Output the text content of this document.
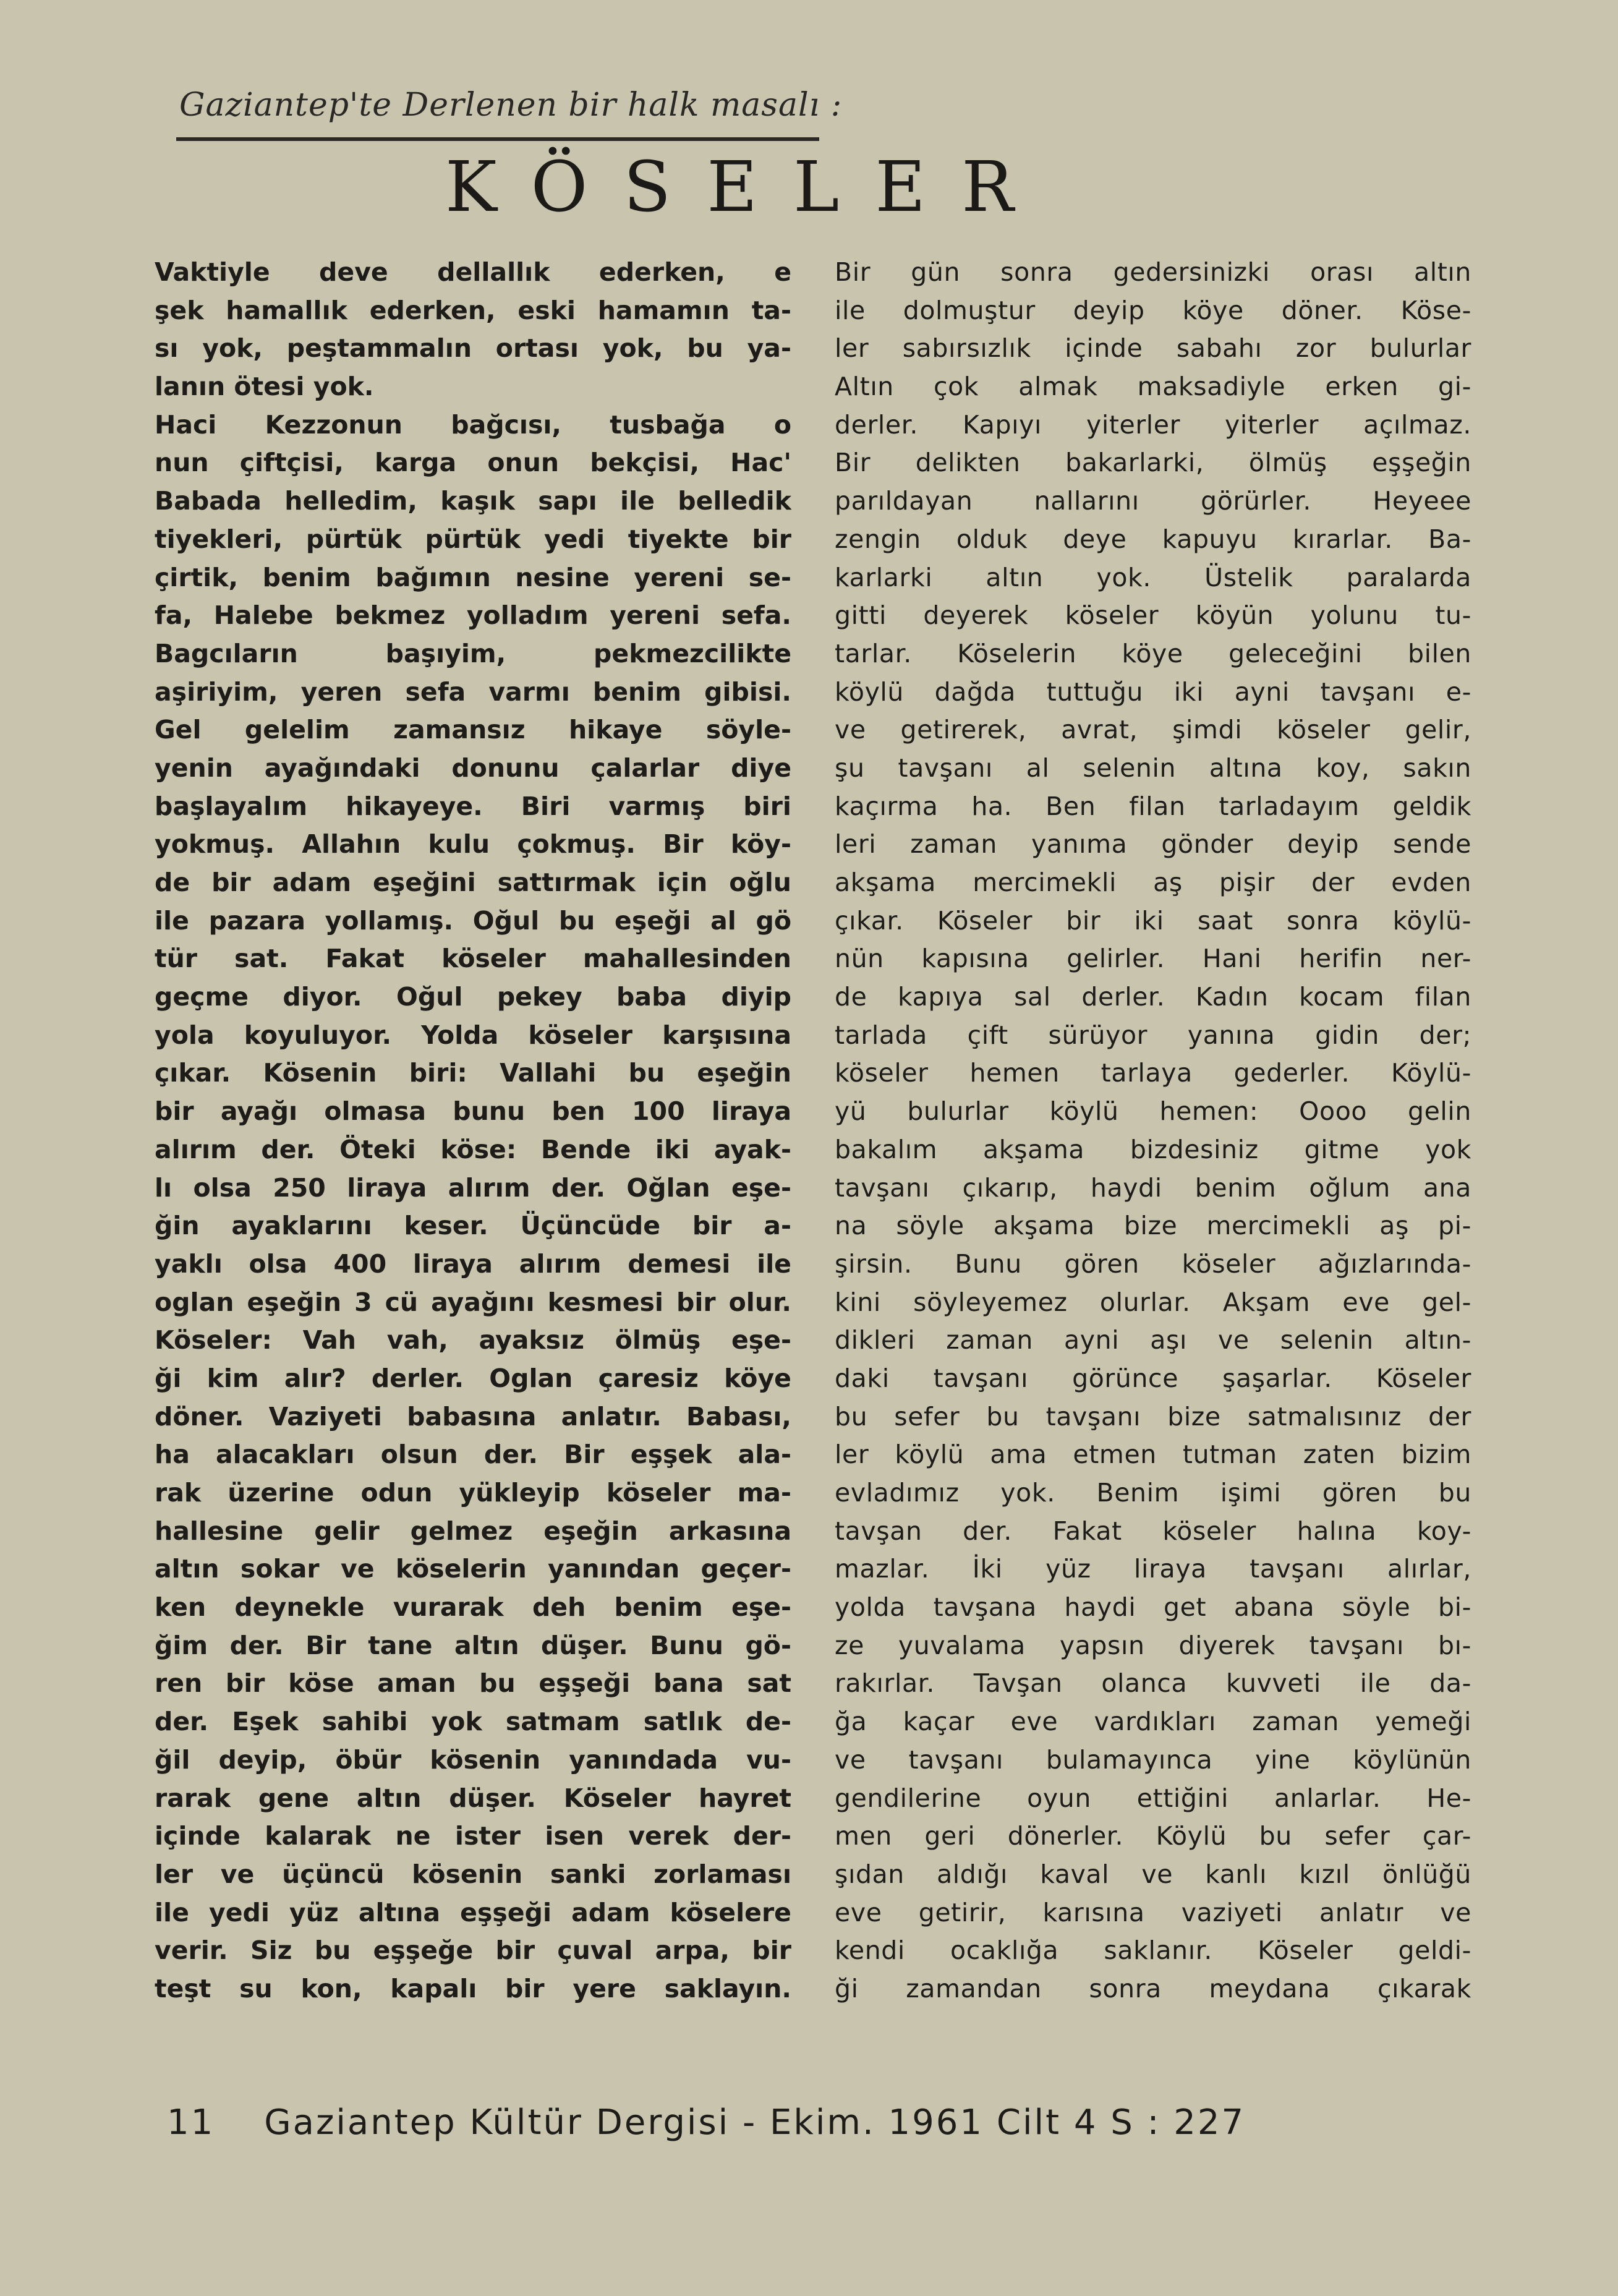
Gaziantep'te Derlenen bir halk masalı :
KÖSELER
Vaktiyle deve dellallık ederken, e
şek hamallık ederken, eski hamamın ta-
sı yok, peştammalın ortası yok, bu ya-
lanın ötesi yok.
Haci Kezzonun bağcısı, tusbağa o
nun çiftçisi, karga onun bekçisi, Hac'
Babada helledim, kaşık sapı ile belledik
tiyekleri, pürtük pürtük yedi tiyekte bir
çirtik, benim bağımın nesine yereni se-
fa, Halebe bekmez yolladım yereni sefa.
Bagcıların başıyim, pekmezcilikte
aşiriyim, yeren sefa varmı benim gibisi.
Gel gelelim zamansız hikaye söyle-
yenin ayağındaki donunu çalarlar diye
başlayalım hikayeye. Biri varmış biri
yokmuş. Allahın kulu çokmuş. Bir köy-
de bir adam eşeğini sattırmak için oğlu
ile pazara yollamış. Oğul bu eşeği al gö
tür sat. Fakat köseler mahallesinden
geçme diyor. Oğul pekey baba diyip
yola koyuluyor. Yolda köseler karşısına
çıkar. Kösenin biri: Vallahi bu eşeğin
bir ayağı olmasa bunu ben 100 liraya
alırım der. Öteki köse: Bende iki ayak-
lı olsa 250 liraya alırım der. Oğlan eşe-
ğin ayaklarını keser. Üçüncüde bir a-
yaklı olsa 400 liraya alırım demesi ile
oglan eşeğin 3 cü ayağını kesmesi bir olur.
Köseler: Vah vah, ayaksız ölmüş eşe-
ği kim alır? derler. Oglan çaresiz köye
döner. Vaziyeti babasına anlatır. Babası,
ha alacakları olsun der. Bir eşşek ala-
rak üzerine odun yükleyip köseler ma-
hallesine gelir gelmez eşeğin arkasına
altın sokar ve köselerin yanından geçer-
ken deynekle vurarak deh benim eşe-
ğim der. Bir tane altın düşer. Bunu gö-
ren bir köse aman bu eşşeği bana sat
der. Eşek sahibi yok satmam satlık de-
ğil deyip, öbür kösenin yanındada vu-
rarak gene altın düşer. Köseler hayret
içinde kalarak ne ister isen verek der-
ler ve üçüncü kösenin sanki zorlaması
ile yedi yüz altına eşşeği adam köselere
verir. Siz bu eşşeğe bir çuval arpa, bir
teşt su kon, kapalı bir yere saklayın.
Bir gün sonra gedersinizki orası altın
ile dolmuştur deyip köye döner. Köse-
ler sabırsızlık içinde sabahı zor bulurlar
Altın çok almak maksadiyle erken gi-
derler. Kapıyı yiterler yiterler açılmaz.
Bir delikten bakarlarki, ölmüş eşşeğin
parıldayan nallarını görürler. Heyeee
zengin olduk deye kapuyu kırarlar. Ba-
karlarki altın yok. Üstelik paralarda
gitti deyerek köseler köyün yolunu tu-
tarlar. Köselerin köye geleceğini bilen
köylü dağda tuttuğu iki ayni tavşanı e-
ve getirerek, avrat, şimdi köseler gelir,
şu tavşanı al selenin altına koy, sakın
kaçırma ha. Ben filan tarladayım geldik
leri zaman yanıma gönder deyip sende
akşama mercimekli aş pişir der evden
çıkar. Köseler bir iki saat sonra köylü-
nün kapısına gelirler. Hani herifin ner-
de kapıya sal derler. Kadın kocam filan
tarlada çift sürüyor yanına gidin der;
köseler hemen tarlaya gederler. Köylü-
yü bulurlar köylü hemen: Oooo gelin
bakalım akşama bizdesiniz gitme yok
tavşanı çıkarıp, haydi benim oğlum ana
na söyle akşama bize mercimekli aş pi-
şirsin. Bunu gören köseler ağızlarında-
kini söyleyemez olurlar. Akşam eve gel-
dikleri zaman ayni aşı ve selenin altın-
daki tavşanı görünce şaşarlar. Köseler
bu sefer bu tavşanı bize satmalısınız der
ler köylü ama etmen tutman zaten bizim
evladımız yok. Benim işimi gören bu
tavşan der. Fakat köseler halına koy-
mazlar. İki yüz liraya tavşanı alırlar,
yolda tavşana haydi get abana söyle bi-
ze yuvalama yapsın diyerek tavşanı bı-
rakırlar. Tavşan olanca kuvveti ile da-
ğa kaçar eve vardıkları zaman yemeği
ve tavşanı bulamayınca yine köylünün
gendilerine oyun ettiğini anlarlar. He-
men geri dönerler. Köylü bu sefer çar-
şıdan aldığı kaval ve kanlı kızıl önlüğü
eve getirir, karısına vaziyeti anlatır ve
kendi ocaklığa saklanır. Köseler geldi-
ği zamandan sonra meydana çıkarak
11 Gaziantep Kültür Dergisi - Ekim. 1961 Cilt 4 S : 227
